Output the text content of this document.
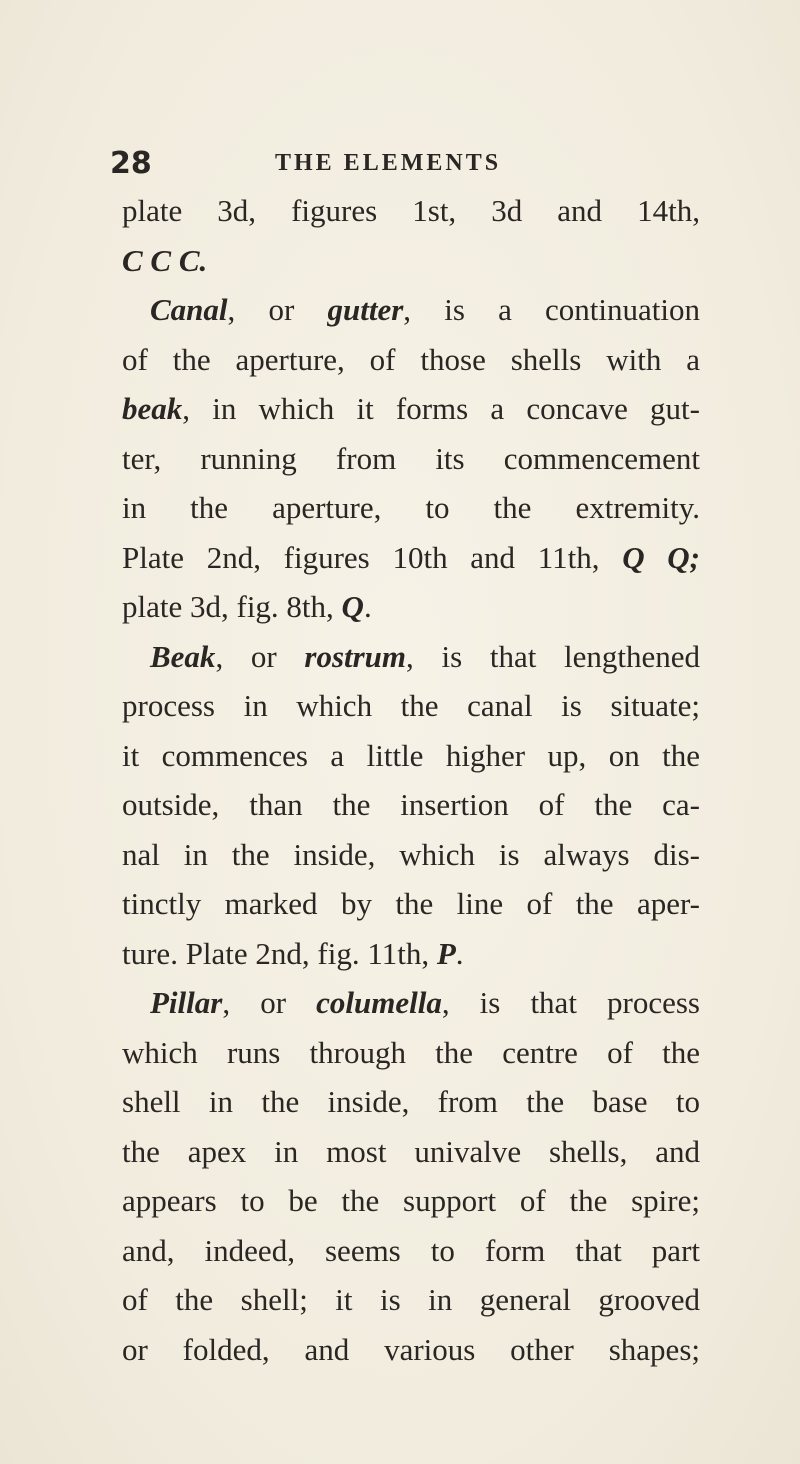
28	THE ELEMENTS
plate 3d, figures 1st, 3d and 14th,
C C C.
Canal, or gutter, is a continuation
of the aperture, of those shells with a
beak, in which it forms a concave gut-
ter, running from its commencement
in the aperture, to the extremity.
Plate 2nd, figures 10th and 11th, Q Q;
plate 3d, fig. 8th, Q.
Beak, or rostrum, is that lengthened
process in which the canal is situate;
it commences a little higher up, on the
outside, than the insertion of the ca-
nal in the inside, which is always dis-
tinctly marked by the line of the aper-
ture. Plate 2nd, fig. 11th, P.
Pillar, or columella, is that process
which runs through the centre of the
shell in the inside, from the base to
the apex in most univalve shells, and
appears to be the support of the spire;
and, indeed, seems to form that part
of the shell; it is in general grooved
or folded, and various other shapes;
